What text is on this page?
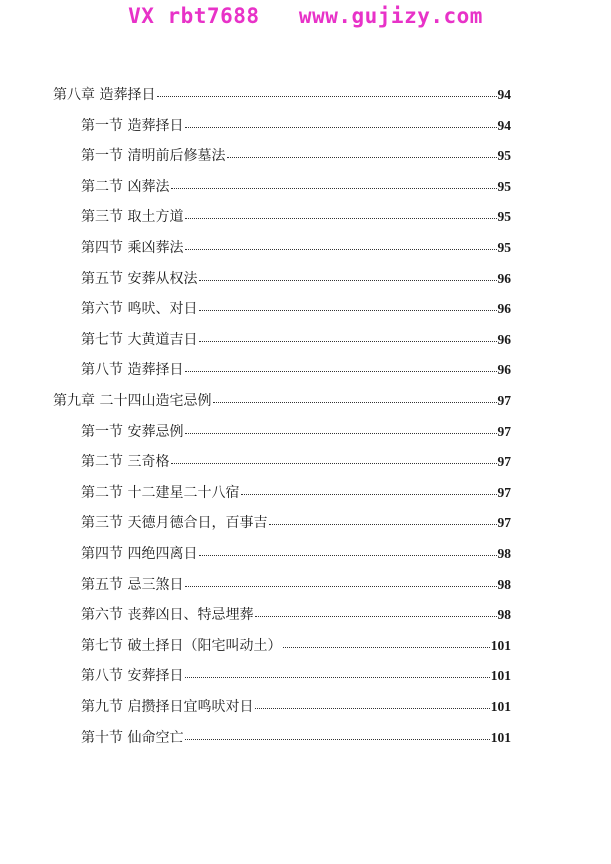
VX rbt7688   www.gujizy.com
第八章 造葬择日	94
第一节 造葬择日	94
第一节 清明前后修墓法	95
第二节 凶葬法	95
第三节 取土方道	95
第四节 乘凶葬法	95
第五节 安葬从权法	96
第六节 鸣吠、对日	96
第七节 大黄道吉日	96
第八节 造葬择日	96
第九章 二十四山造宅忌例	97
第一节 安葬忌例	97
第二节 三奇格	97
第二节 十二建星二十八宿	97
第三节 天德月德合日，百事吉	97
第四节 四绝四离日	98
第五节 忌三煞日	98
第六节 丧葬凶日、特忌埋葬	98
第七节 破土择日（阳宅叫动土）	101
第八节 安葬择日	101
第九节 启攒择日宜鸣吠对日	101
第十节 仙命空亡	101
